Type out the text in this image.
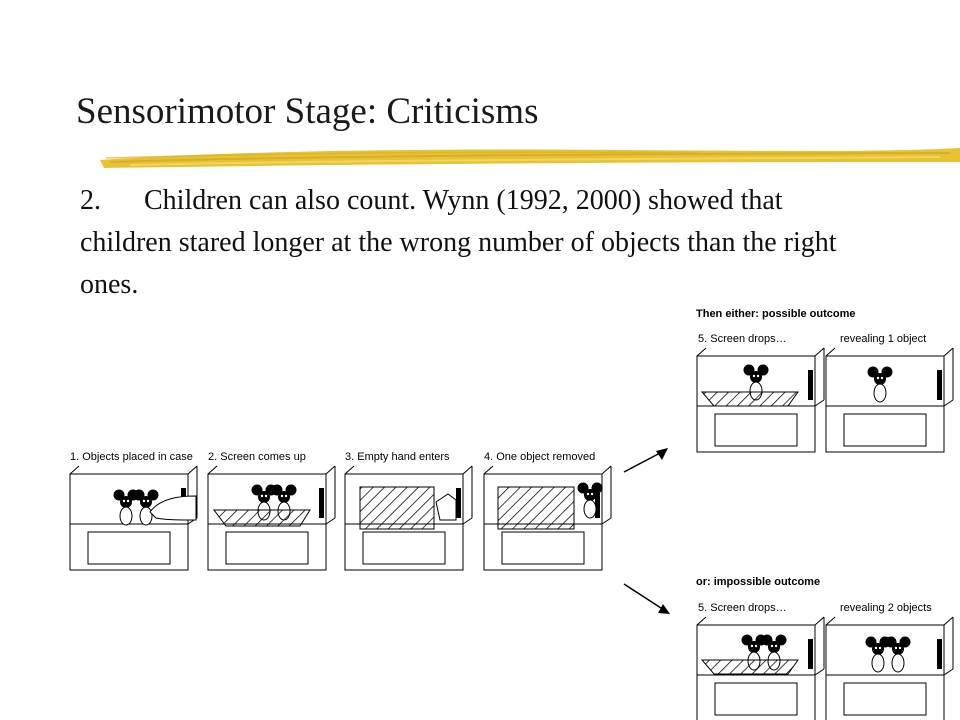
Sensorimotor Stage: Criticisms

2. Children can also count. Wynn (1992, 2000) showed that children stared longer at the wrong number of objects than the right ones.

1. Objects placed in case 2. Screen comes up	3. Empty hand enters	4. One object removed
Then either: possible outcome
5. Screen drops…	revealing 1 object
or: impossible outcome
5. Screen drops…	revealing 2 objects
